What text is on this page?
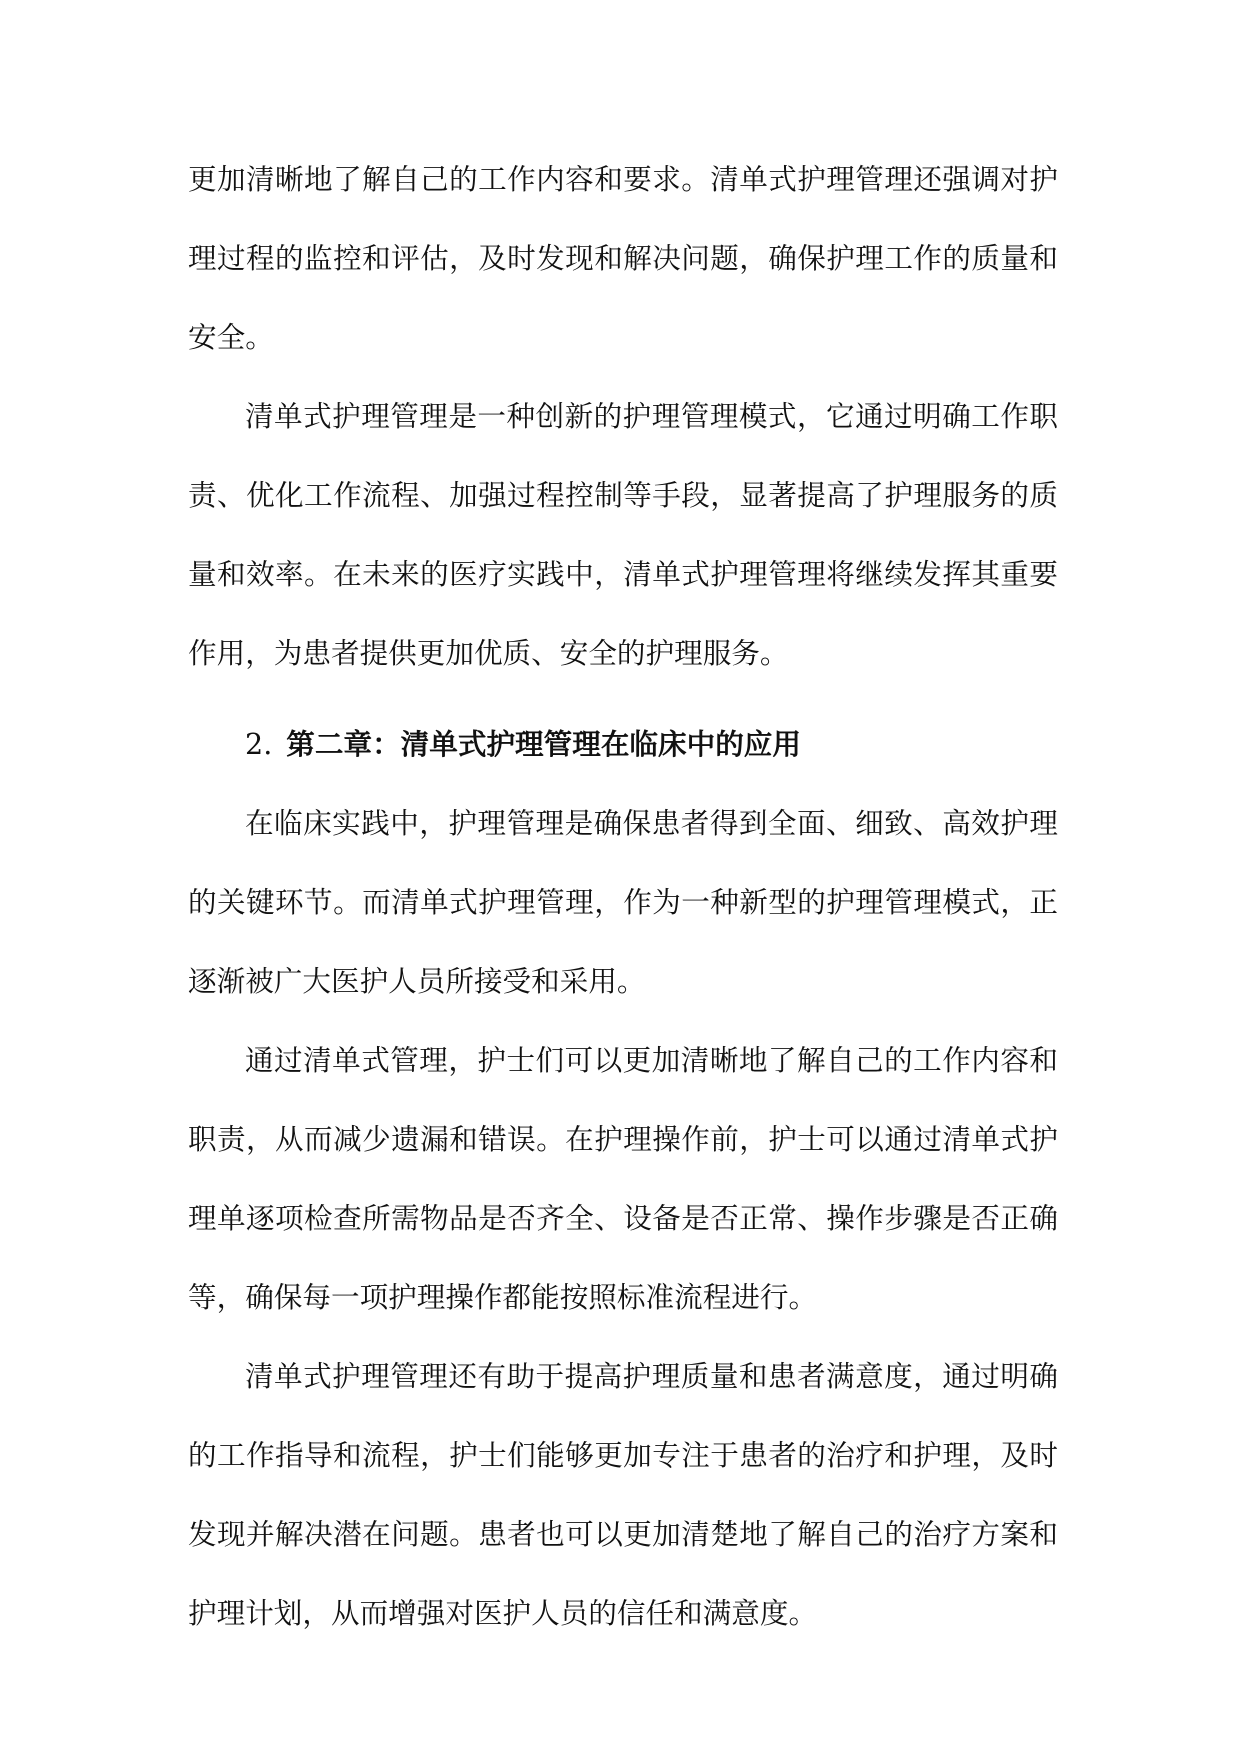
更加清晰地了解自己的工作内容和要求。清单式护理管理还强调对护理过程的监控和评估，及时发现和解决问题，确保护理工作的质量和安全。

清单式护理管理是一种创新的护理管理模式，它通过明确工作职责、优化工作流程、加强过程控制等手段，显著提高了护理服务的质量和效率。在未来的医疗实践中，清单式护理管理将继续发挥其重要作用，为患者提供更加优质、安全的护理服务。

2. 第二章：清单式护理管理在临床中的应用

在临床实践中，护理管理是确保患者得到全面、细致、高效护理的关键环节。而清单式护理管理，作为一种新型的护理管理模式，正逐渐被广大医护人员所接受和采用。

通过清单式管理，护士们可以更加清晰地了解自己的工作内容和职责，从而减少遗漏和错误。在护理操作前，护士可以通过清单式护理单逐项检查所需物品是否齐全、设备是否正常、操作步骤是否正确等，确保每一项护理操作都能按照标准流程进行。

清单式护理管理还有助于提高护理质量和患者满意度，通过明确的工作指导和流程，护士们能够更加专注于患者的治疗和护理，及时发现并解决潜在问题。患者也可以更加清楚地了解自己的治疗方案和护理计划，从而增强对医护人员的信任和满意度。
